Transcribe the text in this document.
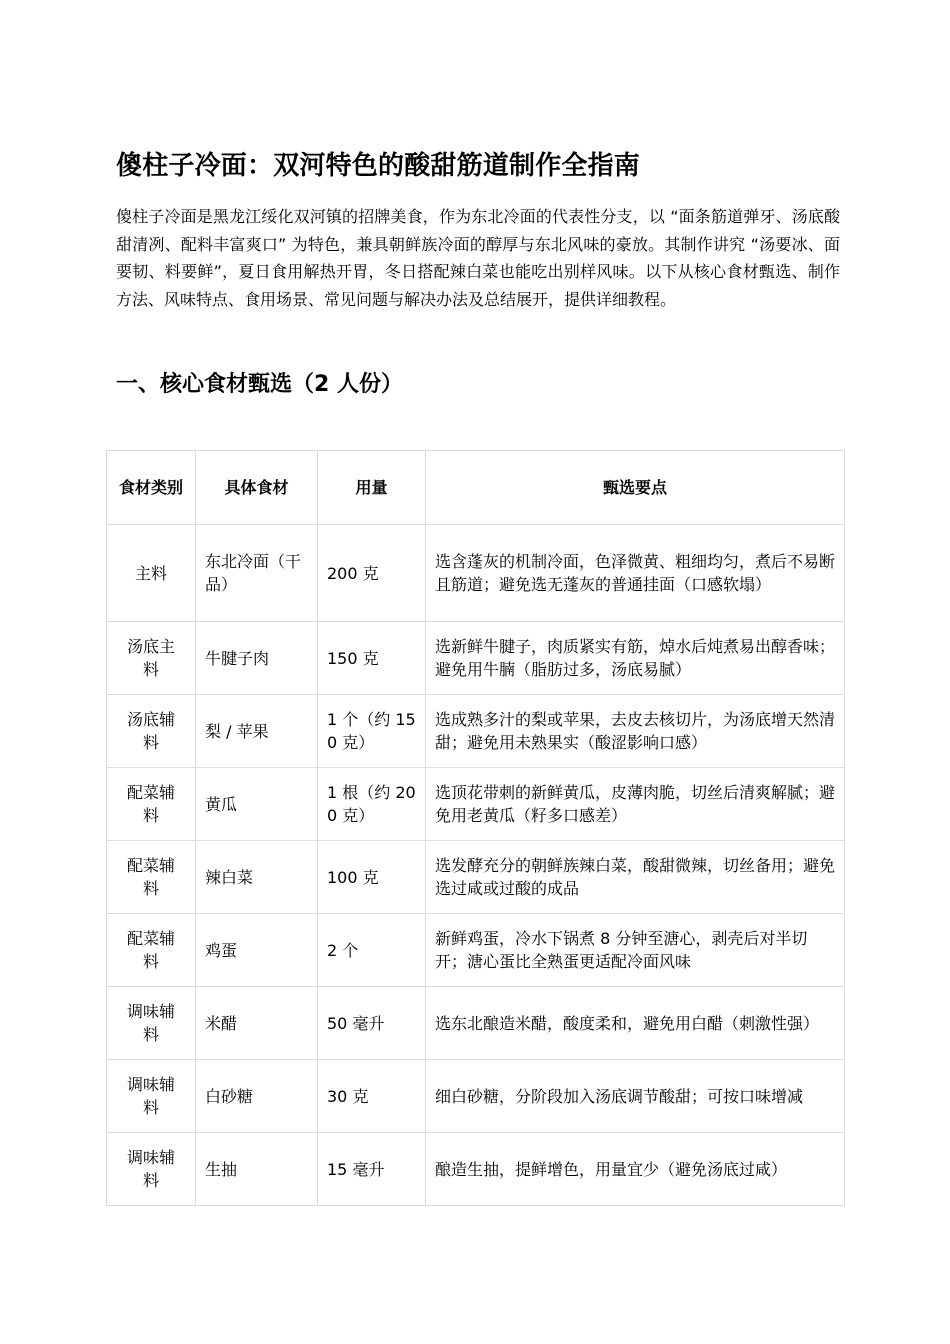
傻柱子冷面：双河特色的酸甜筋道制作全指南

傻柱子冷面是黑龙江绥化双河镇的招牌美食，作为东北冷面的代表性分支，以 “面条筋道弹牙、汤底酸甜清冽、配料丰富爽口” 为特色，兼具朝鲜族冷面的醇厚与东北风味的豪放。其制作讲究 “汤要冰、面要韧、料要鲜”，夏日食用解热开胃，冬日搭配辣白菜也能吃出别样风味。以下从核心食材甄选、制作方法、风味特点、食用场景、常见问题与解决办法及总结展开，提供详细教程。

一、核心食材甄选（2 人份）
食材类别	具体食材	用量	甄选要点
主料	东北冷面（干品）	200 克	选含蓬灰的机制冷面，色泽微黄、粗细均匀，煮后不易断且筋道；避免选无蓬灰的普通挂面（口感软塌）
汤底主料	牛腱子肉	150 克	选新鲜牛腱子，肉质紧实有筋，焯水后炖煮易出醇香味；避免用牛腩（脂肪过多，汤底易腻）
汤底辅料	梨 / 苹果	1 个（约 150 克）	选成熟多汁的梨或苹果，去皮去核切片，为汤底增天然清甜；避免用未熟果实（酸涩影响口感）
配菜辅料	黄瓜	1 根（约 200 克）	选顶花带刺的新鲜黄瓜，皮薄肉脆，切丝后清爽解腻；避免用老黄瓜（籽多口感差）
配菜辅料	辣白菜	100 克	选发酵充分的朝鲜族辣白菜，酸甜微辣，切丝备用；避免选过咸或过酸的成品
配菜辅料	鸡蛋	2 个	新鲜鸡蛋，冷水下锅煮 8 分钟至溏心，剥壳后对半切开；溏心蛋比全熟蛋更适配冷面风味
调味辅料	米醋	50 毫升	选东北酿造米醋，酸度柔和，避免用白醋（刺激性强）
调味辅料	白砂糖	30 克	细白砂糖，分阶段加入汤底调节酸甜；可按口味增减
调味辅料	生抽	15 毫升	酿造生抽，提鲜增色，用量宜少（避免汤底过咸）
